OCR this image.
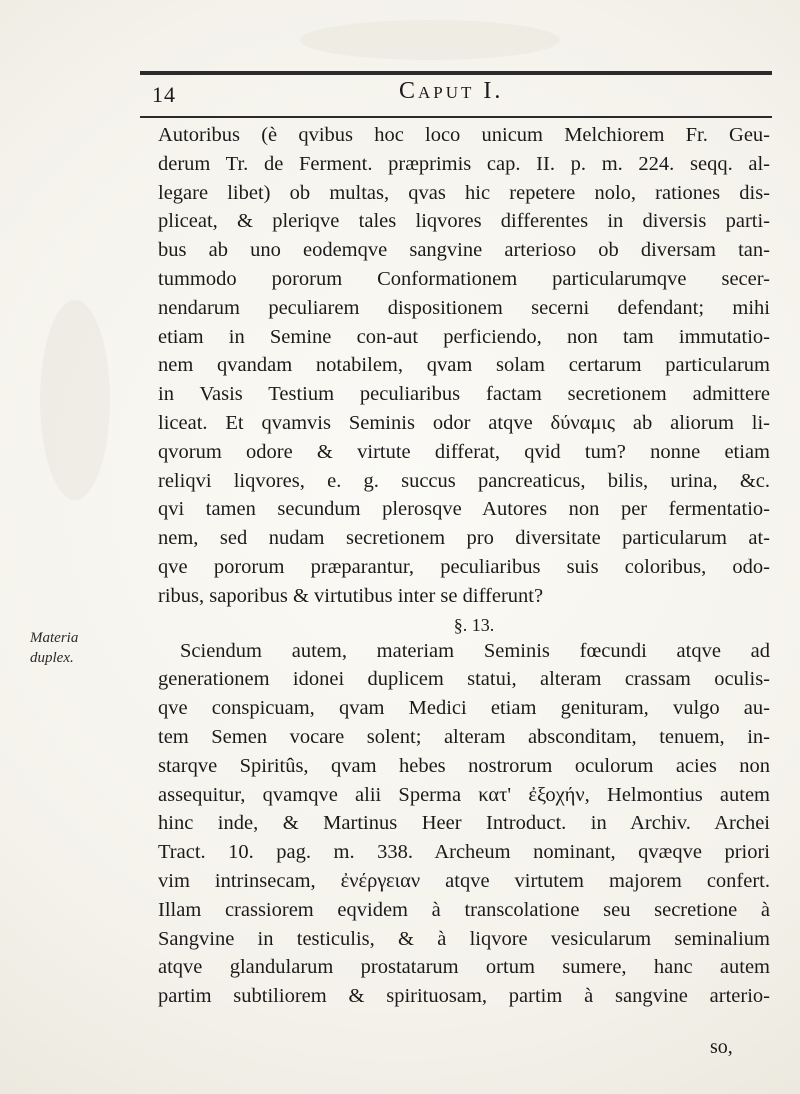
14	Caput I.
Autoribus (è qvibus hoc loco unicum Melchiorem Fr. Geu-
derum Tr. de Ferment. præprimis cap. II. p. m. 224. seqq. al-
legare libet) ob multas, qvas hic repetere nolo, rationes dis-
pliceat, & pleriqve tales liqvores differentes in diversis parti-
bus ab uno eodemqve sangvine arterioso ob diversam tan-
tummodo pororum Conformationem particularumqve secer-
nendarum peculiarem dispositionem secerni defendant; mihi
etiam in Semine con-aut perficiendo, non tam immutatio-
nem qvandam notabilem, qvam solam certarum particularum
in Vasis Testium peculiaribus factam secretionem admittere
liceat. Et qvamvis Seminis odor atqve δύναμις ab aliorum li-
qvorum odore & virtute differat, qvid tum? nonne etiam
reliqvi liqvores, e. g. succus pancreaticus, bilis, urina, &c.
qvi tamen secundum plerosqve Autores non per fermentatio-
nem, sed nudam secretionem pro diversitate particularum at-
qve pororum præparantur, peculiaribus suis coloribus, odo-
ribus, saporibus & virtutibus inter se differunt?
§. 13.
Sciendum autem, materiam Seminis fœcundi atqve ad
generationem idonei duplicem statui, alteram crassam oculis-
qve conspicuam, qvam Medici etiam genituram, vulgo au-
tem Semen vocare solent; alteram absconditam, tenuem, in-
starqve Spiritûs, qvam hebes nostrorum oculorum acies non
assequitur, qvamqve alii Sperma κατ' ἐξοχήν, Helmontius autem
hinc inde, & Martinus Heer Introduct. in Archiv. Archei
Tract. 10. pag. m. 338. Archeum nominant, qvæqve priori
vim intrinsecam, ἐνέργειαν atqve virtutem majorem confert.
Illam crassiorem eqvidem à transcolatione seu secretione à
Sangvine in testiculis, & à liqvore vesicularum seminalium
atqve glandularum prostatarum ortum sumere, hanc autem
partim subtiliorem & spirituosam, partim à sangvine arterio-
Materia duplex.
so,
